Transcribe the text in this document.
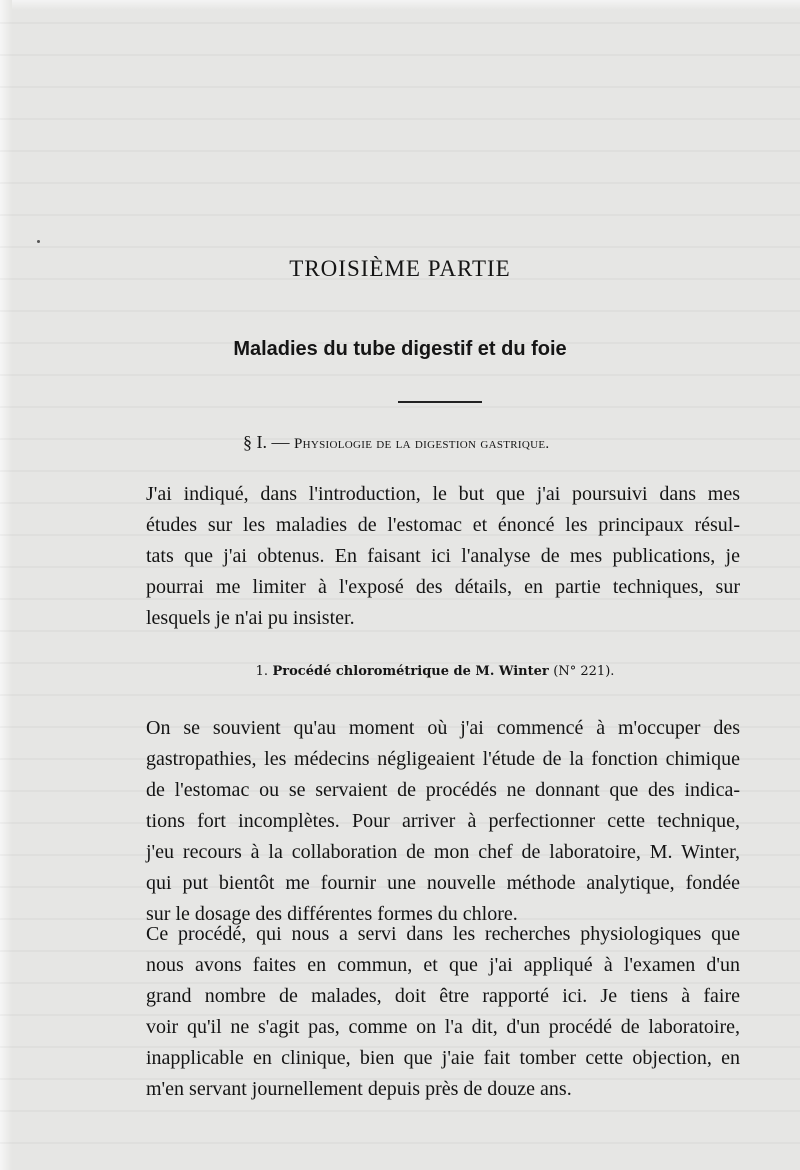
TROISIÈME PARTIE
Maladies du tube digestif et du foie
§ I. — Physiologie de la digestion gastrique.
J'ai indiqué, dans l'introduction, le but que j'ai poursuivi dans mes
études sur les maladies de l'estomac et énoncé les principaux résul-
tats que j'ai obtenus. En faisant ici l'analyse de mes publications, je
pourrai me limiter à l'exposé des détails, en partie techniques, sur
lesquels je n'ai pu insister.
1. Procédé chlorométrique de M. Winter (N° 221).
On se souvient qu'au moment où j'ai commencé à m'occuper des
gastropathies, les médecins négligeaient l'étude de la fonction chimique
de l'estomac ou se servaient de procédés ne donnant que des indica-
tions fort incomplètes. Pour arriver à perfectionner cette technique,
j'eu recours à la collaboration de mon chef de laboratoire, M. Winter,
qui put bientôt me fournir une nouvelle méthode analytique, fondée
sur le dosage des différentes formes du chlore.
Ce procédé, qui nous a servi dans les recherches physiologiques que
nous avons faites en commun, et que j'ai appliqué à l'examen d'un
grand nombre de malades, doit être rapporté ici. Je tiens à faire
voir qu'il ne s'agit pas, comme on l'a dit, d'un procédé de laboratoire,
inapplicable en clinique, bien que j'aie fait tomber cette objection, en
m'en servant journellement depuis près de douze ans.
